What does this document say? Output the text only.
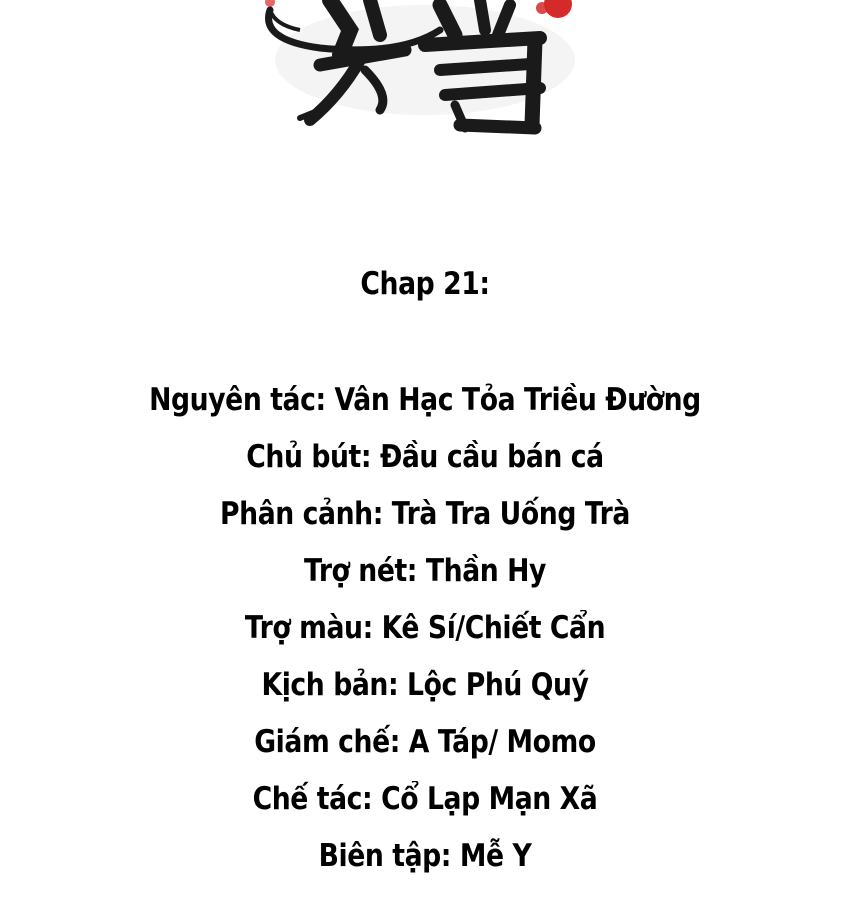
Chap 21:
Nguyên tác: Vân Hạc Tỏa Triều Đường
Chủ bút: Đầu cầu bán cá
Phân cảnh: Trà Tra Uống Trà
Trợ nét: Thần Hy
Trợ màu: Kê Sí/Chiết Cẩn
Kịch bản: Lộc Phú Quý
Giám chế: A Táp/ Momo
Chế tác: Cổ Lạp Mạn Xã
Biên tập: Mễ Y
